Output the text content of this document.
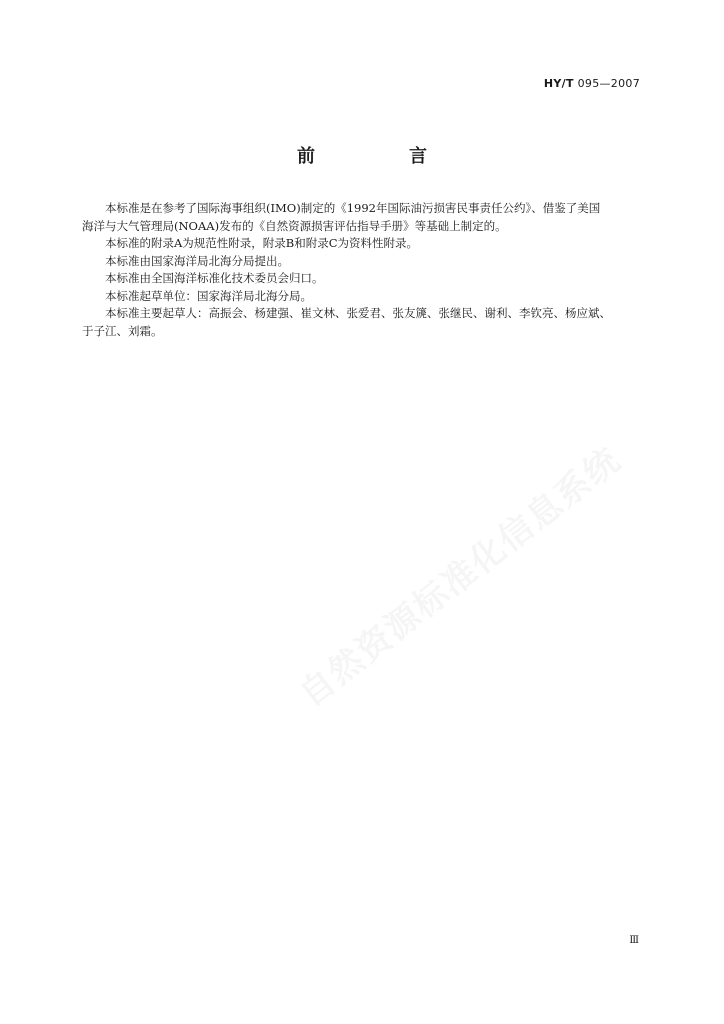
HY/T 095—2007
前　言

本标准是在参考了国际海事组织(IMO)制定的《1992年国际油污损害民事责任公约》、借鉴了美国

海洋与大气管理局(NOAA)发布的《自然资源损害评估指导手册》等基础上制定的。

本标准的附录A为规范性附录，附录B和附录C为资料性附录。

本标准由国家海洋局北海分局提出。

本标准由全国海洋标准化技术委员会归口。

本标准起草单位：国家海洋局北海分局。

本标准主要起草人：高振会、杨建强、崔文林、张爱君、张友篪、张继民、谢利、李钦亮、杨应斌、

于子江、刘霜。

自然资源标准化信息系统
Ⅲ
